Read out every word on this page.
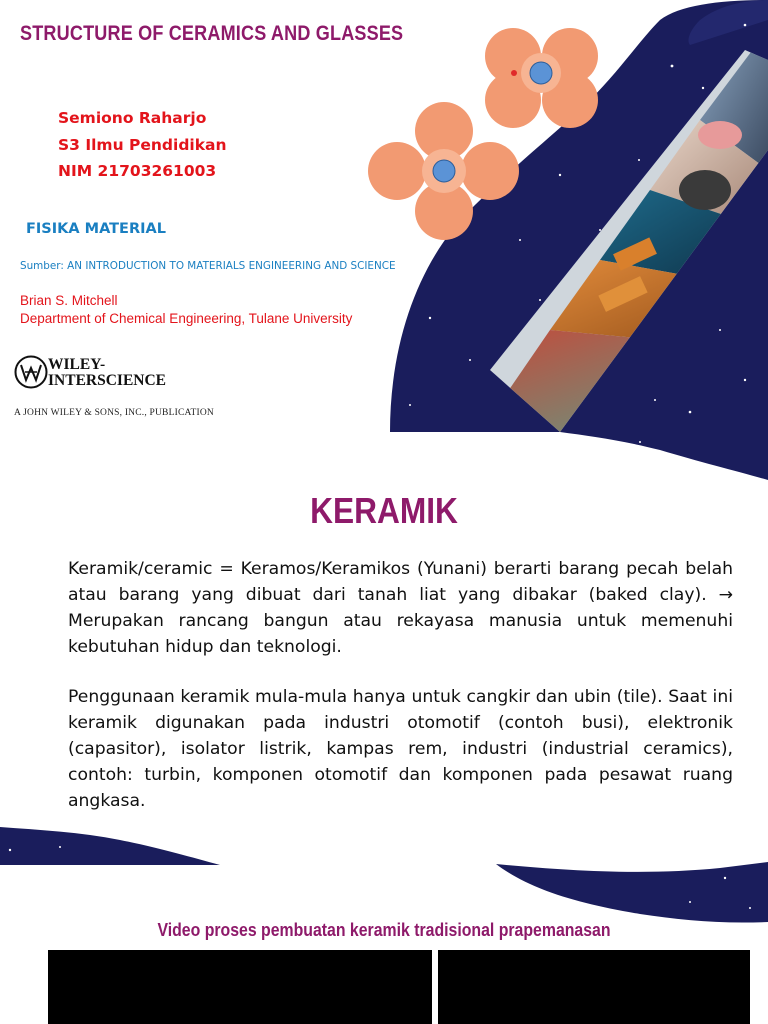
STRUCTURE OF CERAMICS AND GLASSES
Semiono Raharjo
S3 Ilmu Pendidikan
NIM 21703261003
FISIKA MATERIAL
Sumber: AN INTRODUCTION TO MATERIALS ENGINEERING AND SCIENCE
Brian S. Mitchell
Department of Chemical Engineering, Tulane University
WILEY-
INTERSCIENCE
A JOHN WILEY & SONS, INC., PUBLICATION
KERAMIK
Keramik/ceramic = Keramos/Keramikos (Yunani) berarti barang pecah belah atau barang yang dibuat dari tanah liat yang dibakar (baked clay). → Merupakan rancang bangun atau rekayasa manusia untuk memenuhi kebutuhan hidup dan teknologi.
Penggunaan keramik mula-mula hanya untuk cangkir dan ubin (tile). Saat ini keramik digunakan pada industri otomotif (contoh busi), elektronik (capasitor), isolator listrik, kampas rem, industri (industrial ceramics), contoh: turbin, komponen otomotif dan komponen pada pesawat ruang angkasa.
Video proses pembuatan keramik tradisional prapemanasan
